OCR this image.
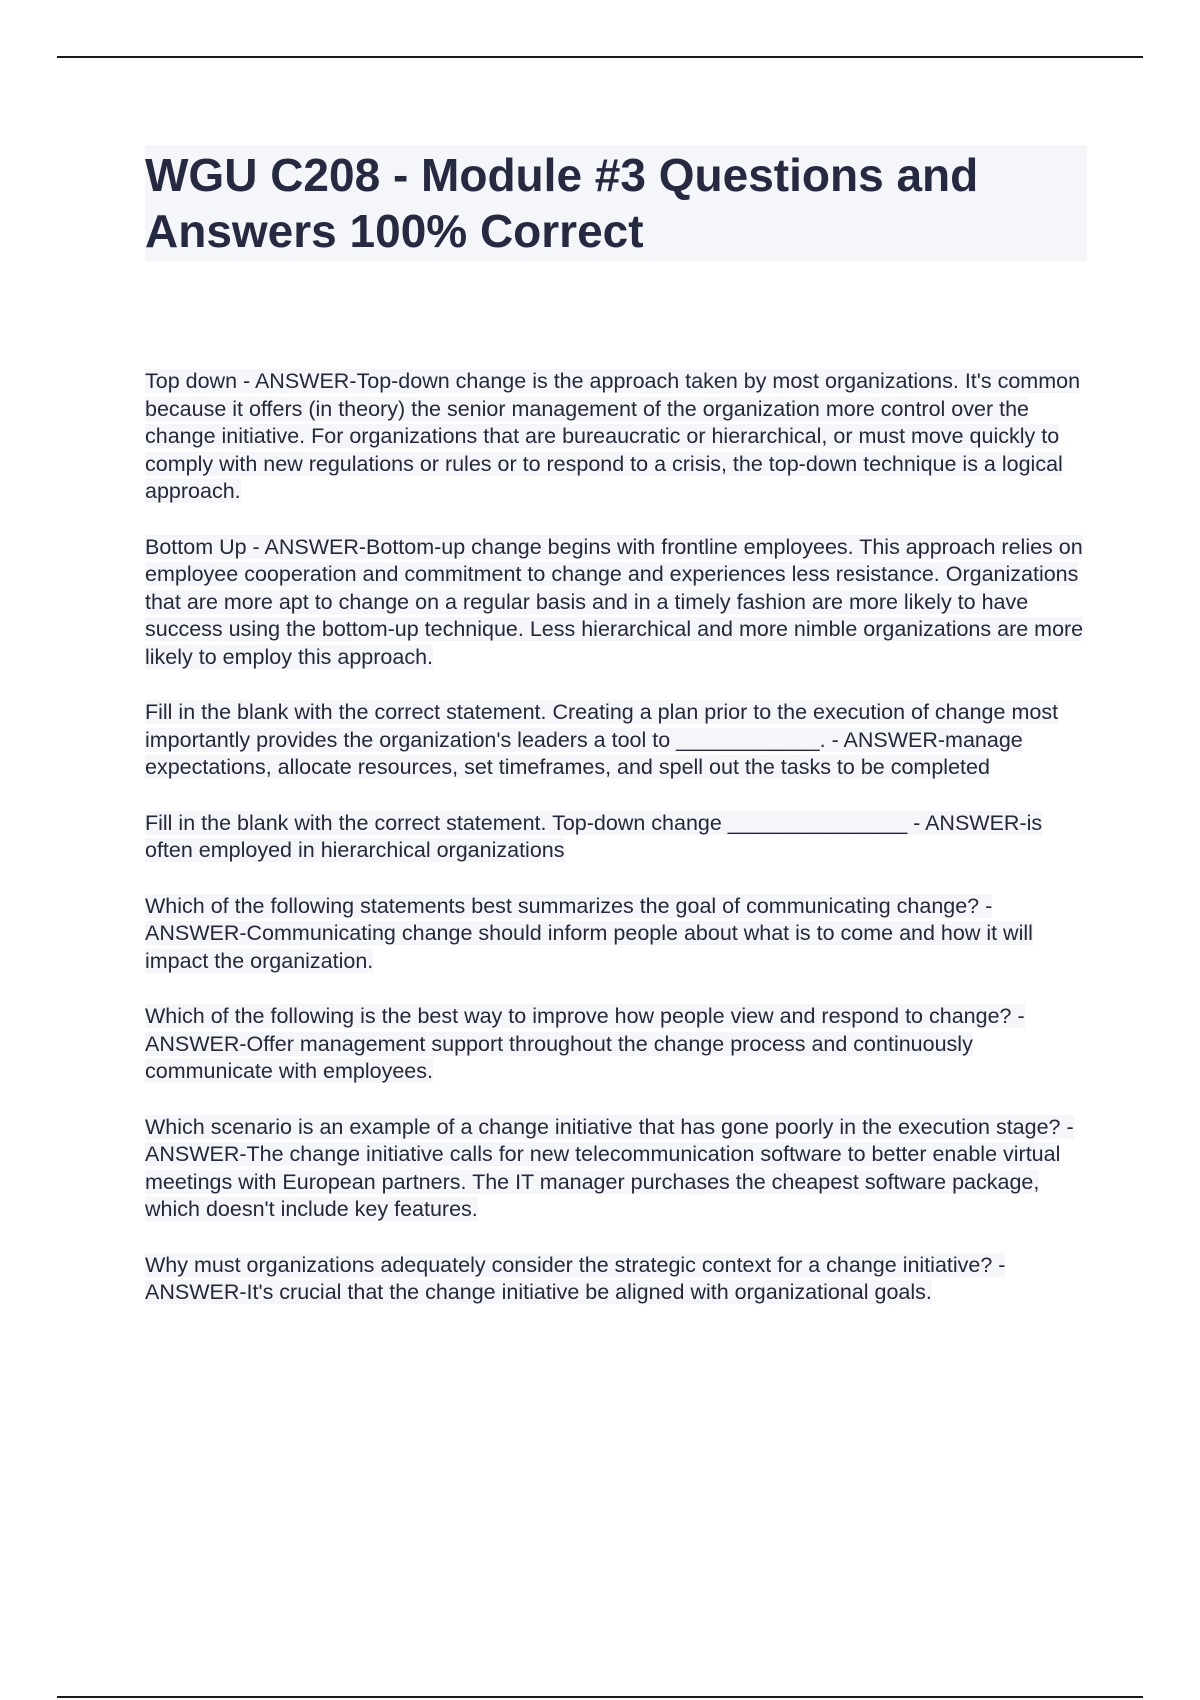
WGU C208 - Module #3 Questions and Answers 100% Correct

Top down - ANSWER-Top-down change is the approach taken by most organizations. It's common because it offers (in theory) the senior management of the organization more control over the change initiative. For organizations that are bureaucratic or hierarchical, or must move quickly to comply with new regulations or rules or to respond to a crisis, the top-down technique is a logical approach.

Bottom Up - ANSWER-Bottom-up change begins with frontline employees. This approach relies on employee cooperation and commitment to change and experiences less resistance. Organizations that are more apt to change on a regular basis and in a timely fashion are more likely to have success using the bottom-up technique. Less hierarchical and more nimble organizations are more likely to employ this approach.

Fill in the blank with the correct statement. Creating a plan prior to the execution of change most importantly provides the organization's leaders a tool to ____________. - ANSWER-manage expectations, allocate resources, set timeframes, and spell out the tasks to be completed

Fill in the blank with the correct statement. Top-down change _______________ - ANSWER-is often employed in hierarchical organizations

Which of the following statements best summarizes the goal of communicating change? - ANSWER-Communicating change should inform people about what is to come and how it will impact the organization.

Which of the following is the best way to improve how people view and respond to change? - ANSWER-Offer management support throughout the change process and continuously communicate with employees.

Which scenario is an example of a change initiative that has gone poorly in the execution stage? - ANSWER-The change initiative calls for new telecommunication software to better enable virtual meetings with European partners. The IT manager purchases the cheapest software package, which doesn't include key features.

Why must organizations adequately consider the strategic context for a change initiative? - ANSWER-It's crucial that the change initiative be aligned with organizational goals.
